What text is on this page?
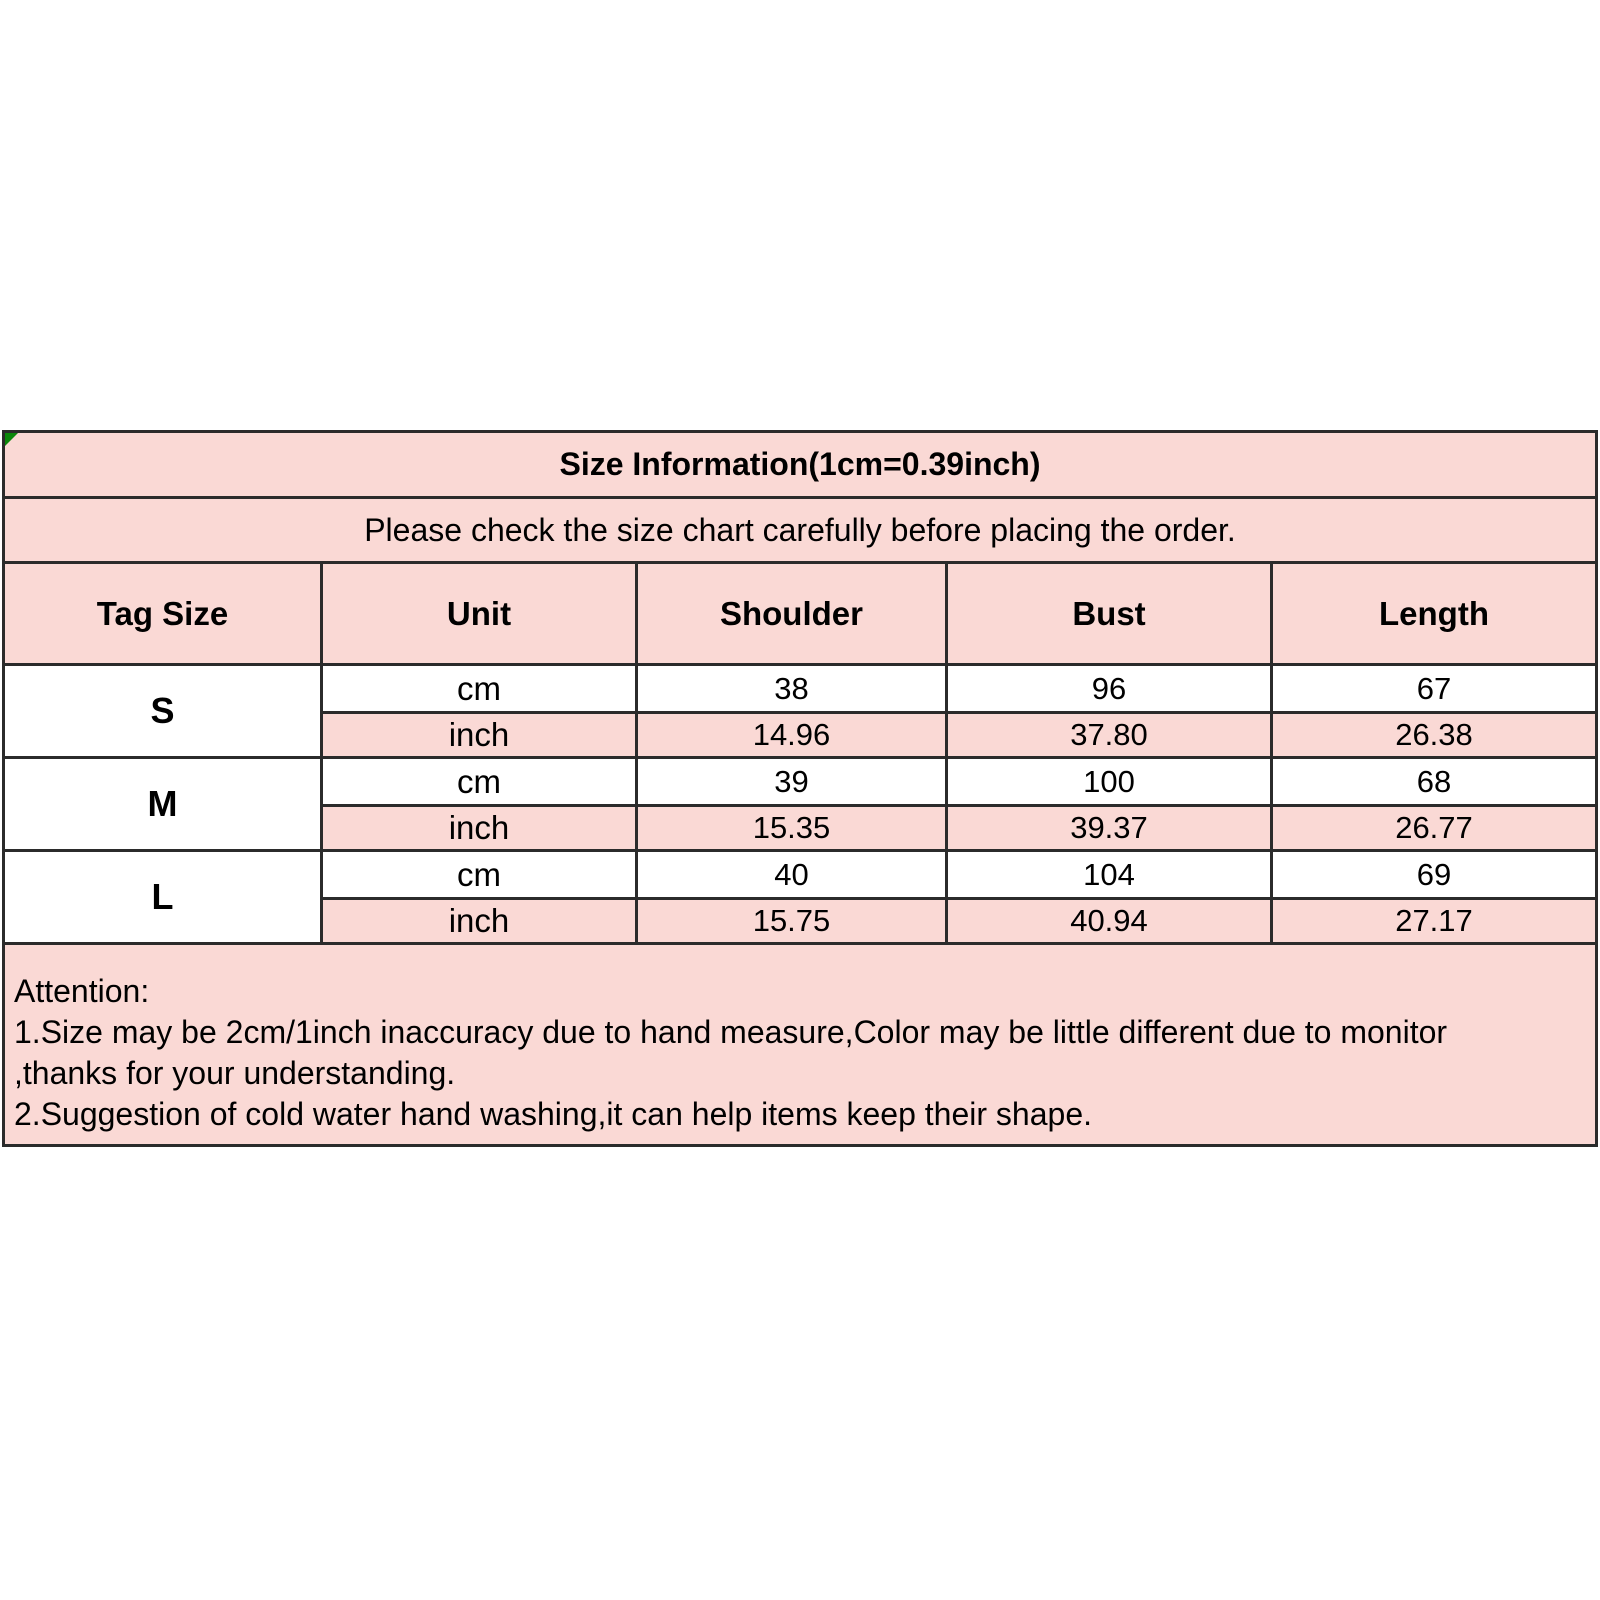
Size Information(1cm=0.39inch)
Please check the size chart carefully before placing the order.
Tag Size	Unit	Shoulder	Bust	Length
S
cm	38	96	67
inch	14.96	37.80	26.38
M
cm	39	100	68
inch	15.35	39.37	26.77
L
cm	40	104	69
inch	15.75	40.94	27.17
Attention:
1.Size may be 2cm/1inch inaccuracy due to hand measure,Color may be little different due to monitor
,thanks for your understanding.
2.Suggestion of cold water hand washing,it can help items keep their shape.
